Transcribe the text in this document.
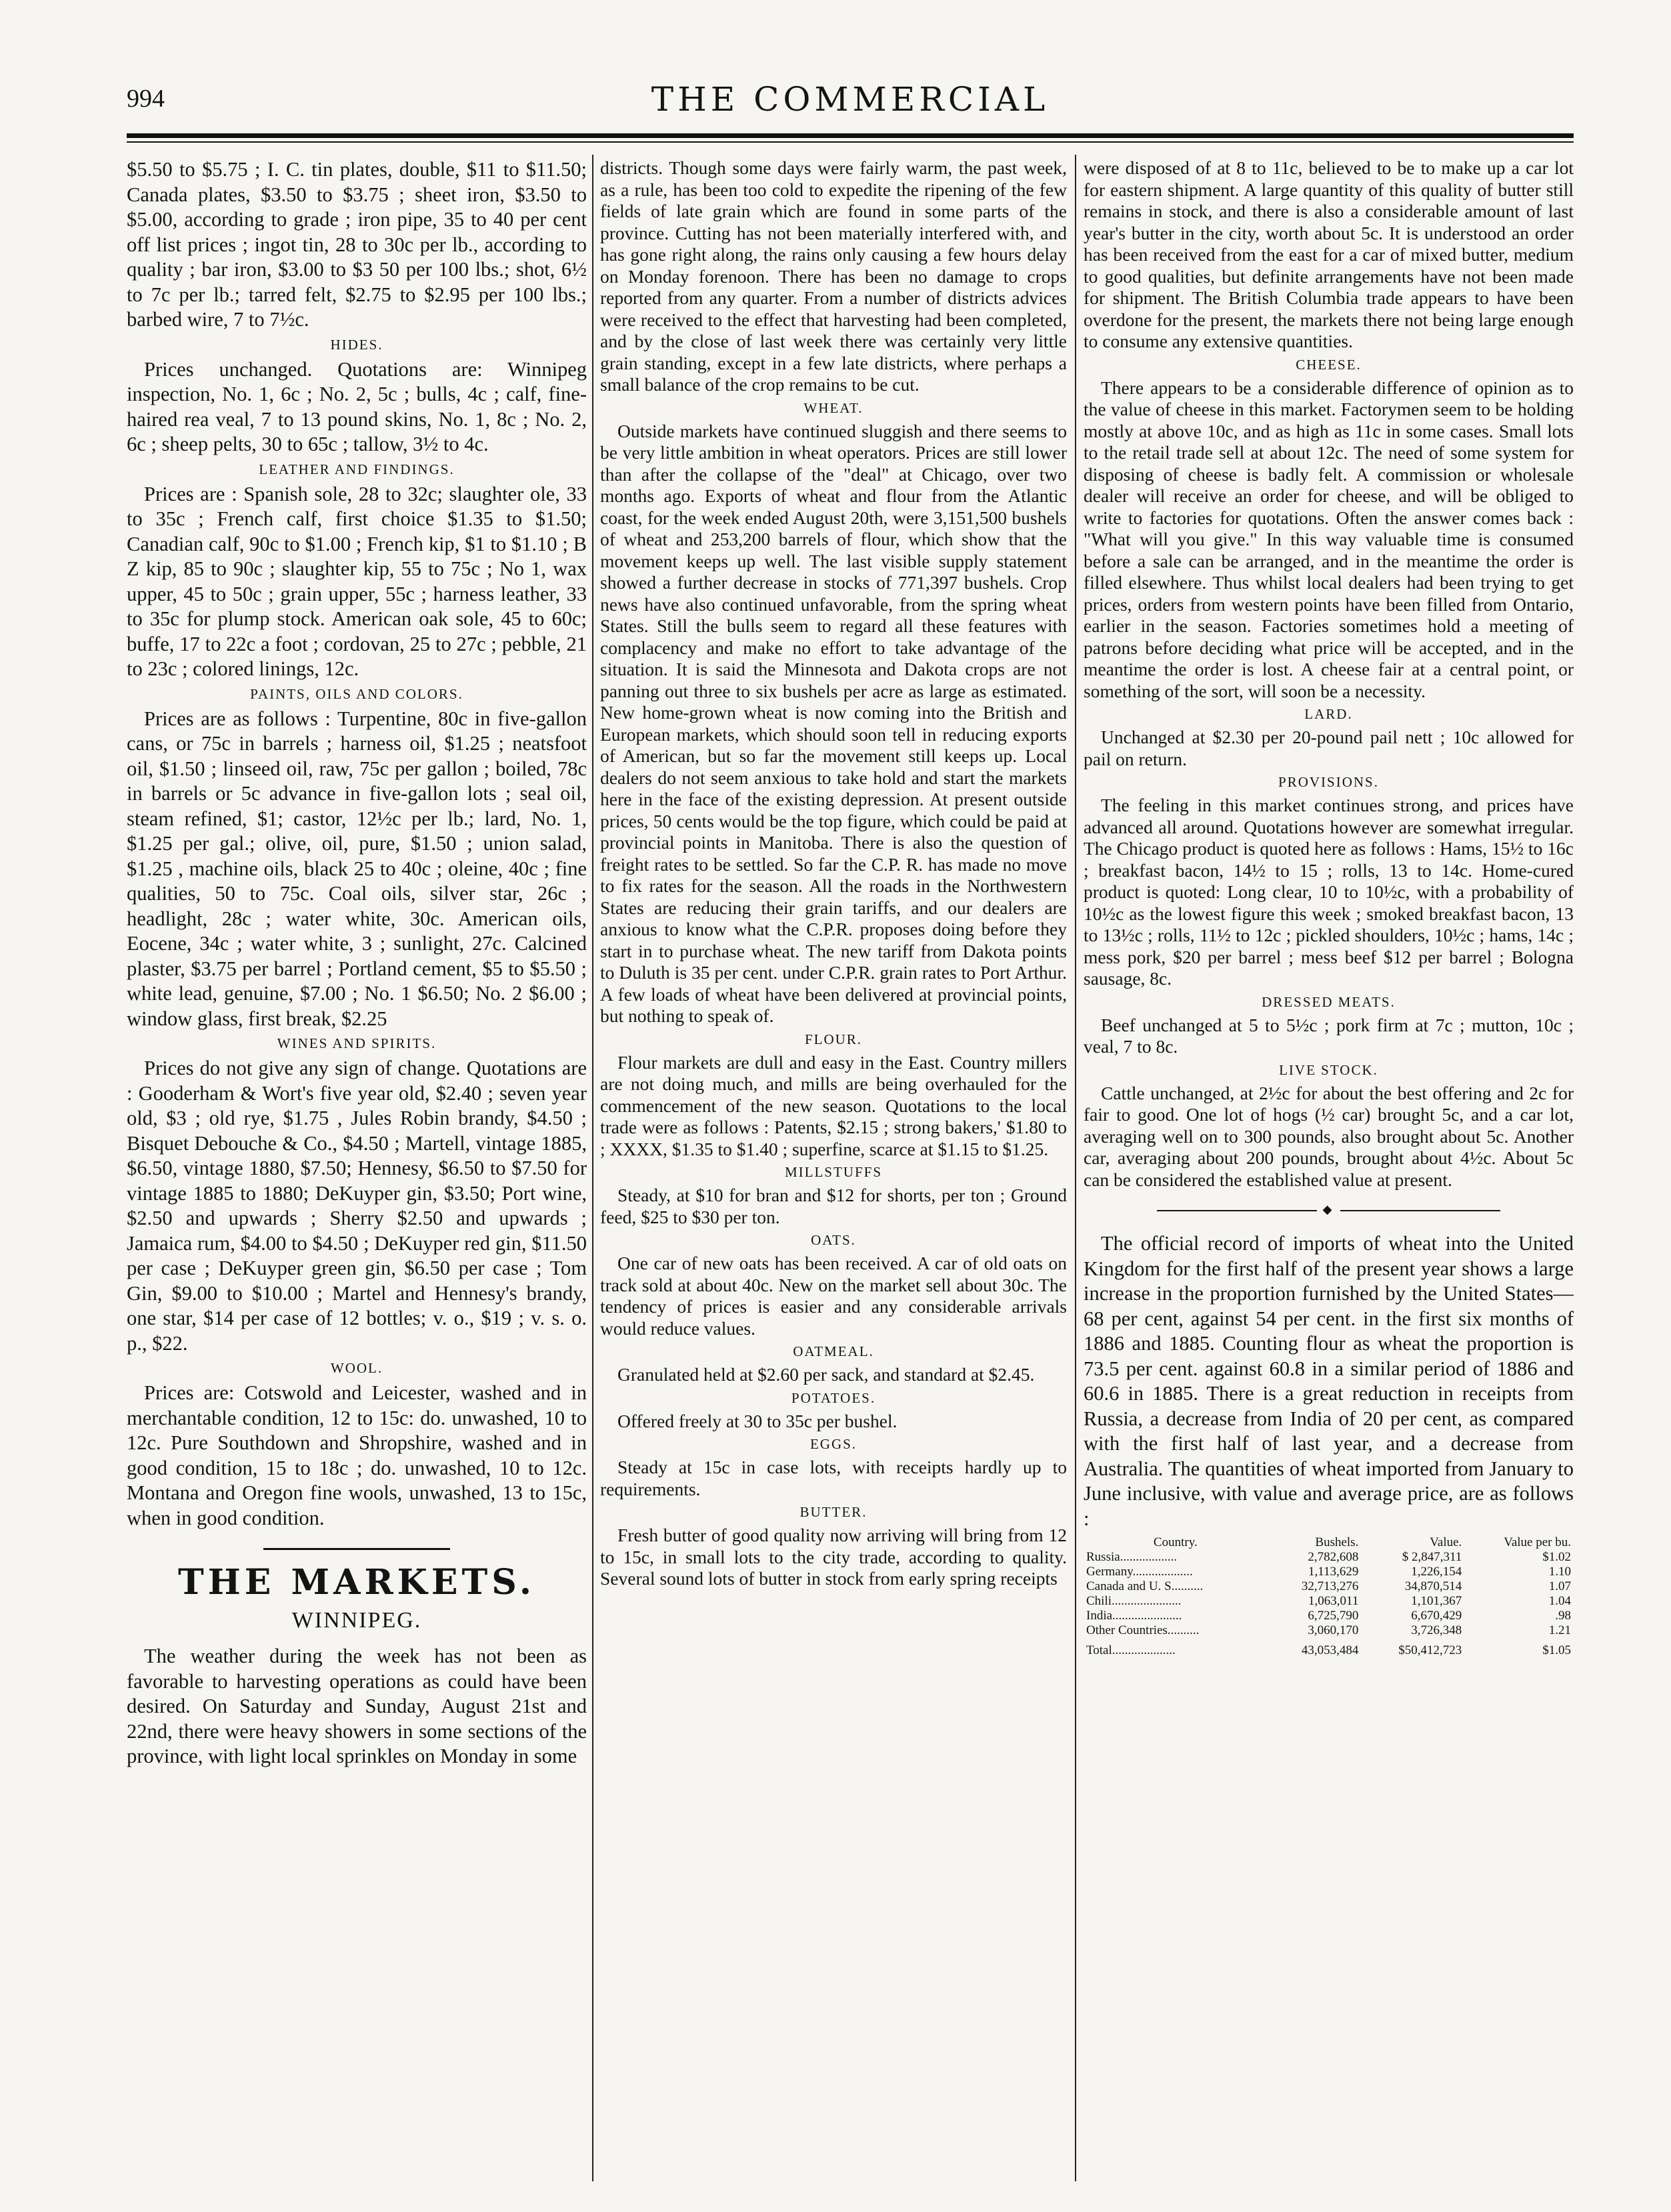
994	THE COMMERCIAL

$5.50 to $5.75 ; I. C. tin plates, double, $11 to $11.50; Canada plates, $3.50 to $3.75 ; sheet iron, $3.50 to $5.00, according to grade ; iron pipe, 35 to 40 per cent off list prices ; ingot tin, 28 to 30c per lb., according to quality ; bar iron, $3.00 to $3 50 per 100 lbs.; shot, 6½ to 7c per lb.; tarred felt, $2.75 to $2.95 per 100 lbs.; barbed wire, 7 to 7½c.

HIDES.

Prices unchanged. Quotations are: Winnipeg inspection, No. 1, 6c ; No. 2, 5c ; bulls, 4c ; calf, fine-haired rea veal, 7 to 13 pound skins, No. 1, 8c ; No. 2, 6c ; sheep pelts, 30 to 65c ; tallow, 3½ to 4c.

LEATHER AND FINDINGS.

Prices are : Spanish sole, 28 to 32c; slaughter ole, 33 to 35c ; French calf, first choice $1.35 to $1.50; Canadian calf, 90c to $1.00 ; French kip, $1 to $1.10 ; B Z kip, 85 to 90c ; slaughter kip, 55 to 75c ; No 1, wax upper, 45 to 50c ; grain upper, 55c ; harness leather, 33 to 35c for plump stock. American oak sole, 45 to 60c; buffe, 17 to 22c a foot ; cordovan, 25 to 27c ; pebble, 21 to 23c ; colored linings, 12c.

PAINTS, OILS AND COLORS.

Prices are as follows : Turpentine, 80c in five-gallon cans, or 75c in barrels ; harness oil, $1.25 ; neatsfoot oil, $1.50 ; linseed oil, raw, 75c per gallon ; boiled, 78c in barrels or 5c advance in five-gallon lots ; seal oil, steam refined, $1; castor, 12½c per lb.; lard, No. 1, $1.25 per gal.; olive, oil, pure, $1.50 ; union salad, $1.25 , machine oils, black 25 to 40c ; oleine, 40c ; fine qualities, 50 to 75c. Coal oils, silver star, 26c ; headlight, 28c ; water white, 30c. American oils, Eocene, 34c ; water white, 3 ; sunlight, 27c. Calcined plaster, $3.75 per barrel ; Portland cement, $5 to $5.50 ; white lead, genuine, $7.00 ; No. 1 $6.50; No. 2 $6.00 ; window glass, first break, $2.25

WINES AND SPIRITS.

Prices do not give any sign of change. Quotations are : Gooderham & Wort's five year old, $2.40 ; seven year old, $3 ; old rye, $1.75 , Jules Robin brandy, $4.50 ; Bisquet Debouche & Co., $4.50 ; Martell, vintage 1885, $6.50, vintage 1880, $7.50; Hennesy, $6.50 to $7.50 for vintage 1885 to 1880; DeKuyper gin, $3.50; Port wine, $2.50 and upwards ; Sherry $2.50 and upwards ; Jamaica rum, $4.00 to $4.50 ; DeKuyper red gin, $11.50 per case ; DeKuyper green gin, $6.50 per case ; Tom Gin, $9.00 to $10.00 ; Martel and Hennesy's brandy, one star, $14 per case of 12 bottles; v. o., $19 ; v. s. o. p., $22.

WOOL.

Prices are: Cotswold and Leicester, washed and in merchantable condition, 12 to 15c: do. unwashed, 10 to 12c. Pure Southdown and Shropshire, washed and in good condition, 15 to 18c ; do. unwashed, 10 to 12c. Montana and Oregon fine wools, unwashed, 13 to 15c, when in good condition.

THE MARKETS.
WINNIPEG.

The weather during the week has not been as favorable to harvesting operations as could have been desired. On Saturday and Sunday, August 21st and 22nd, there were heavy showers in some sections of the province, with light local sprinkles on Monday in some

districts. Though some days were fairly warm, the past week, as a rule, has been too cold to expedite the ripening of the few fields of late grain which are found in some parts of the province. Cutting has not been materially interfered with, and has gone right along, the rains only causing a few hours delay on Monday forenoon. There has been no damage to crops reported from any quarter. From a number of districts advices were received to the effect that harvesting had been completed, and by the close of last week there was certainly very little grain standing, except in a few late districts, where perhaps a small balance of the crop remains to be cut.

WHEAT.

Outside markets have continued sluggish and there seems to be very little ambition in wheat operators. Prices are still lower than after the collapse of the "deal" at Chicago, over two months ago. Exports of wheat and flour from the Atlantic coast, for the week ended August 20th, were 3,151,500 bushels of wheat and 253,200 barrels of flour, which show that the movement keeps up well. The last visible supply statement showed a further decrease in stocks of 771,397 bushels. Crop news have also continued unfavorable, from the spring wheat States. Still the bulls seem to regard all these features with complacency and make no effort to take advantage of the situation. It is said the Minnesota and Dakota crops are not panning out three to six bushels per acre as large as estimated. New home-grown wheat is now coming into the British and European markets, which should soon tell in reducing exports of American, but so far the movement still keeps up. Local dealers do not seem anxious to take hold and start the markets here in the face of the existing depression. At present outside prices, 50 cents would be the top figure, which could be paid at provincial points in Manitoba. There is also the question of freight rates to be settled. So far the C.P. R. has made no move to fix rates for the season. All the roads in the Northwestern States are reducing their grain tariffs, and our dealers are anxious to know what the C.P.R. proposes doing before they start in to purchase wheat. The new tariff from Dakota points to Duluth is 35 per cent. under C.P.R. grain rates to Port Arthur. A few loads of wheat have been delivered at provincial points, but nothing to speak of.

FLOUR.

Flour markets are dull and easy in the East. Country millers are not doing much, and mills are being overhauled for the commencement of the new season. Quotations to the local trade were as follows : Patents, $2.15 ; strong bakers,' $1.80 to ; XXXX, $1.35 to $1.40 ; superfine, scarce at $1.15 to $1.25.

MILLSTUFFS

Steady, at $10 for bran and $12 for shorts, per ton ; Ground feed, $25 to $30 per ton.

OATS.

One car of new oats has been received. A car of old oats on track sold at about 40c. New on the market sell about 30c. The tendency of prices is easier and any considerable arrivals would reduce values.

OATMEAL.

Granulated held at $2.60 per sack, and standard at $2.45.

POTATOES.

Offered freely at 30 to 35c per bushel.

EGGS.

Steady at 15c in case lots, with receipts hardly up to requirements.

BUTTER.

Fresh butter of good quality now arriving will bring from 12 to 15c, in small lots to the city trade, according to quality. Several sound lots of butter in stock from early spring receipts

were disposed of at 8 to 11c, believed to be to make up a car lot for eastern shipment. A large quantity of this quality of butter still remains in stock, and there is also a considerable amount of last year's butter in the city, worth about 5c. It is understood an order has been received from the east for a car of mixed butter, medium to good qualities, but definite arrangements have not been made for shipment. The British Columbia trade appears to have been overdone for the present, the markets there not being large enough to consume any extensive quantities.

CHEESE.

There appears to be a considerable difference of opinion as to the value of cheese in this market. Factorymen seem to be holding mostly at above 10c, and as high as 11c in some cases. Small lots to the retail trade sell at about 12c. The need of some system for disposing of cheese is badly felt. A commission or wholesale dealer will receive an order for cheese, and will be obliged to write to factories for quotations. Often the answer comes back : "What will you give." In this way valuable time is consumed before a sale can be arranged, and in the meantime the order is filled elsewhere. Thus whilst local dealers had been trying to get prices, orders from western points have been filled from Ontario, earlier in the season. Factories sometimes hold a meeting of patrons before deciding what price will be accepted, and in the meantime the order is lost. A cheese fair at a central point, or something of the sort, will soon be a necessity.

LARD.

Unchanged at $2.30 per 20-pound pail nett ; 10c allowed for pail on return.

PROVISIONS.

The feeling in this market continues strong, and prices have advanced all around. Quotations however are somewhat irregular. The Chicago product is quoted here as follows : Hams, 15½ to 16c ; breakfast bacon, 14½ to 15 ; rolls, 13 to 14c. Home-cured product is quoted: Long clear, 10 to 10½c, with a probability of 10½c as the lowest figure this week ; smoked breakfast bacon, 13 to 13½c ; rolls, 11½ to 12c ; pickled shoulders, 10½c ; hams, 14c ; mess pork, $20 per barrel ; mess beef $12 per barrel ; Bologna sausage, 8c.

DRESSED MEATS.

Beef unchanged at 5 to 5½c ; pork firm at 7c ; mutton, 10c ; veal, 7 to 8c.

LIVE STOCK.

Cattle unchanged, at 2½c for about the best offering and 2c for fair to good. One lot of hogs (½ car) brought 5c, and a car lot, averaging well on to 300 pounds, also brought about 5c. Another car, averaging about 200 pounds, brought about 4½c. About 5c can be considered the established value at present.

◆

The official record of imports of wheat into the United Kingdom for the first half of the present year shows a large increase in the proportion furnished by the United States—68 per cent, against 54 per cent. in the first six months of 1886 and 1885. Counting flour as wheat the proportion is 73.5 per cent. against 60.8 in a similar period of 1886 and 60.6 in 1885. There is a great reduction in receipts from Russia, a decrease from India of 20 per cent, as compared with the first half of last year, and a decrease from Australia. The quantities of wheat imported from January to June inclusive, with value and average price, are as follows :

Country.	Bushels.	Value.	Value per bu.
Russia..................	2,782,608	$ 2,847,311	$1.02
Germany...................	1,113,629	1,226,154	1.10
Canada and U. S..........	32,713,276	34,870,514	1.07
Chili......................	1,063,011	1,101,367	1.04
India......................	6,725,790	6,670,429	.98
Other Countries..........	3,060,170	3,726,348	1.21
Total....................	43,053,484	$50,412,723	$1.05
